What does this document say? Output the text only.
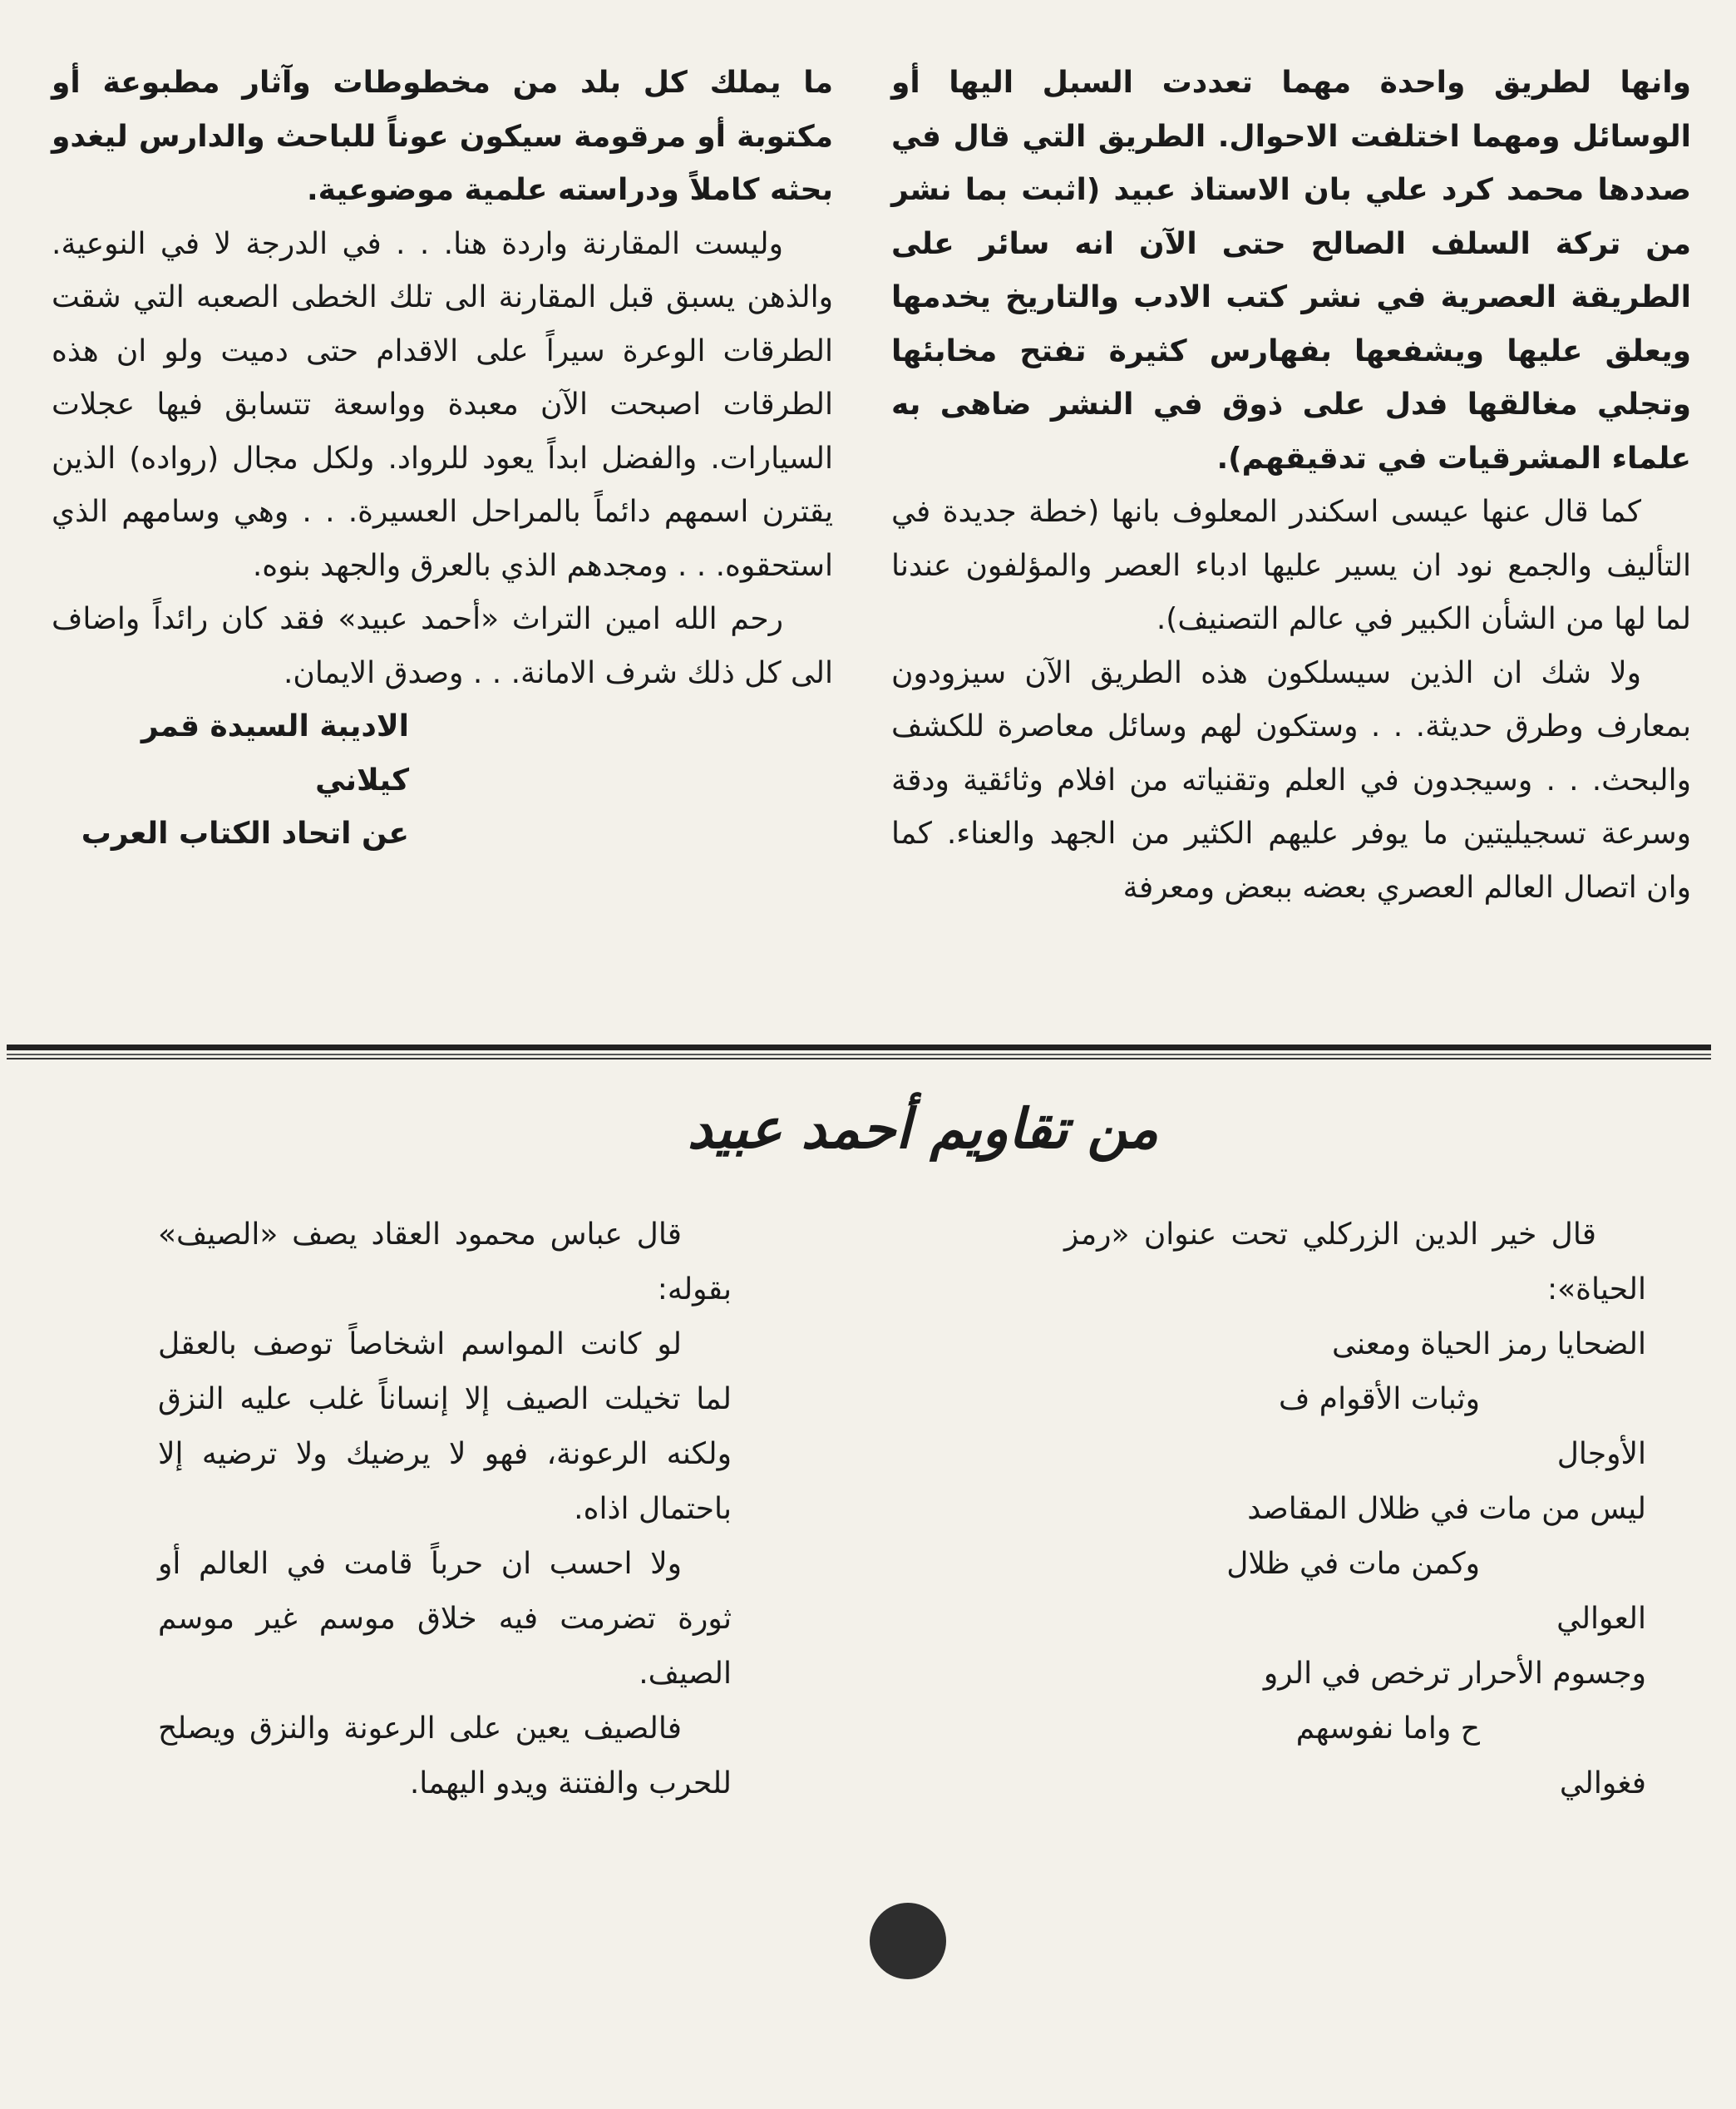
وانها لطريق واحدة مهما تعددت السبل اليها أو الوسائل ومهما اختلفت الاحوال. الطريق التي قال في صددها محمد كرد علي بان الاستاذ عبيد (اثبت بما نشر من تركة السلف الصالح حتى الآن انه سائر على الطريقة العصرية في نشر كتب الادب والتاريخ يخدمها ويعلق عليها ويشفعها بفهارس كثيرة تفتح مخابئها وتجلي مغالقها فدل على ذوق في النشر ضاهى به علماء المشرقيات في تدقيقهم).

كما قال عنها عيسى اسكندر المعلوف بانها (خطة جديدة في التأليف والجمع نود ان يسير عليها ادباء العصر والمؤلفون عندنا لما لها من الشأن الكبير في عالم التصنيف).

ولا شك ان الذين سيسلكون هذه الطريق الآن سيزودون بمعارف وطرق حديثة. . . وستكون لهم وسائل معاصرة للكشف والبحث. . . وسيجدون في العلم وتقنياته من افلام وثائقية ودقة وسرعة تسجيليتين ما يوفر عليهم الكثير من الجهد والعناء. كما وان اتصال العالم العصري بعضه ببعض ومعرفة

ما يملك كل بلد من مخطوطات وآثار مطبوعة أو مكتوبة أو مرقومة سيكون عوناً للباحث والدارس ليغدو بحثه كاملاً ودراسته علمية موضوعية.

وليست المقارنة واردة هنا. . . في الدرجة لا في النوعية. والذهن يسبق قبل المقارنة الى تلك الخطى الصعبه التي شقت الطرقات الوعرة سيراً على الاقدام حتى دميت ولو ان هذه الطرقات اصبحت الآن معبدة وواسعة تتسابق فيها عجلات السيارات. والفضل ابداً يعود للرواد. ولكل مجال (رواده) الذين يقترن اسمهم دائماً بالمراحل العسيرة. . . وهي وسامهم الذي استحقوه. . . ومجدهم الذي بالعرق والجهد بنوه.

رحم الله امين التراث «أحمد عبيد» فقد كان رائداً واضاف الى كل ذلك شرف الامانة. . . وصدق الايمان.

الاديبة السيدة قمر كيلاني

عن اتحاد الكتاب العرب

من تقاويم أحمد عبيد

قال خير الدين الزركلي تحت عنوان «رمز الحياة»:

الضحايا رمز الحياة ومعنى

وثبات الأقوام ف

الأوجال

ليس من مات في ظلال المقاصد

وكمن مات في ظلال

العوالي

وجسوم الأحرار ترخص في الرو

ح واما نفوسهم

فغوالي

قال عباس محمود العقاد يصف «الصيف» بقوله:

لو كانت المواسم اشخاصاً توصف بالعقل لما تخيلت الصيف إلا إنساناً غلب عليه النزق ولكنه الرعونة، فهو لا يرضيك ولا ترضيه إلا باحتمال اذاه.

ولا احسب ان حرباً قامت في العالم أو ثورة تضرمت فيه خلاق موسم غير موسم الصيف.

فالصيف يعين على الرعونة والنزق ويصلح للحرب والفتنة ويدو اليهما.
